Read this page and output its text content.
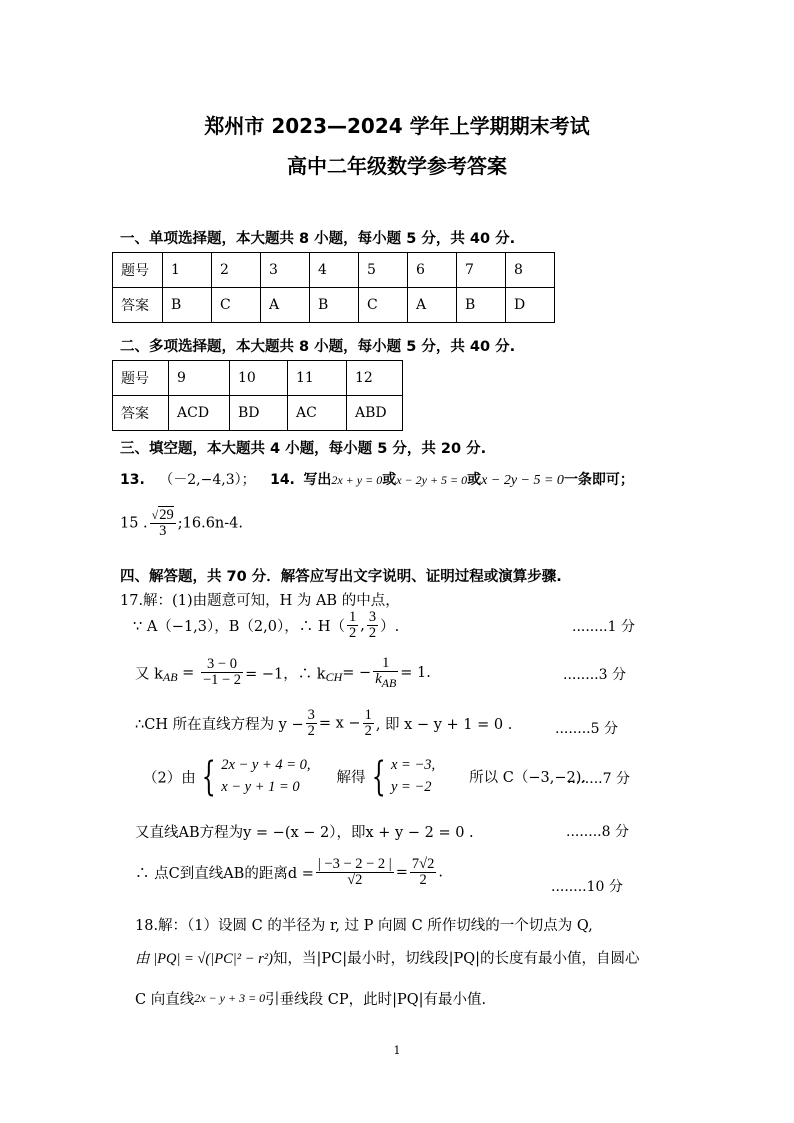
郑州市 2023—2024 学年上学期期末考试
高中二年级数学参考答案
一、单项选择题，本大题共 8 小题，每小题 5 分，共 40 分.
题号	1	2	3	4	5	6	7	8
答案	B	C	A	B	C	A	B	D
二、多项选择题，本大题共 8 小题，每小题 5 分，共 40 分.
题号	9	10	11	12
答案	ACD	BD	AC	ABD
三、填空题，本大题共 4 小题，每小题 5 分，共 20 分.
13. （－2,−4,3）； 14. 写出2x + y = 0或x − 2y + 5 = 0或x − 2y − 5 = 0一条即可；
15 . $\frac{√29}{3}$ ;16.6n-4.
四、解答题，共 70 分．解答应写出文字说明、证明过程或演算步骤.
17.解：(1)由题意可知，H 为 AB 的中点，
∵ A（−1,3），B（2,0），∴ $H( \frac{1}{2}$ , $\frac{3}{2}$ ）.	........1 分
又 $k_{AB} = \frac{3 - 0}{-1 - 2} = -1$，∴ $k_{CH}= - \frac{1}{k_{AB}} = 1$.	........3 分
∴CH 所在直线方程为 $y - \frac{3}{2} = x - \frac{1}{2}$ , 即 x − y + 1 = 0 .	........5 分
（2）由 { 2x − y + 4 = 0,
x − y + 1 = 0
解得 { x = −3,
y = −2
所以 C（−3,−2).
........7 分
又直线AB方程为y = −(x − 2），即x + y − 2 = 0 .	........8 分
∴ 点C到直线AB的距离$d = \frac{| -3 - 2 - 2 |}{√2} = \frac{7√2}{2}$ .
........10 分
18.解：（1）设圆 C 的半径为 r, 过 P 向圆 C 所作切线的一个切点为 Q,
由 |PQ| = √(|PC|² − r²)知，当|PC|最小时，切线段|PQ|的长度有最小值，自圆心
C 向直线2x − y + 3 = 0引垂线段 CP，此时|PQ|有最小值.
1
